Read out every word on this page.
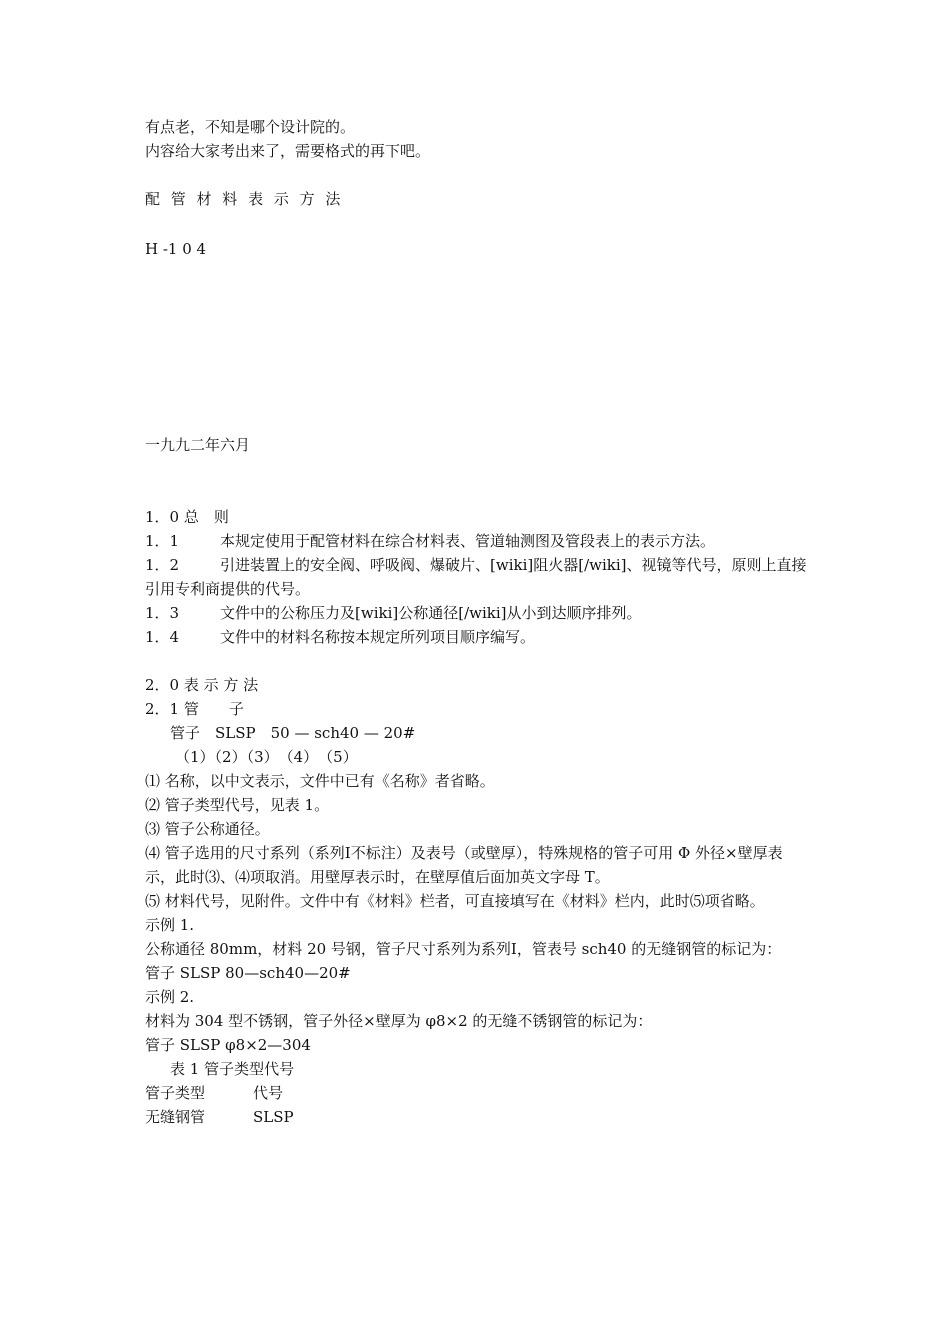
有点老，不知是哪个设计院的。

内容给大家考出来了，需要格式的再下吧。

配 管 材 料 表 示 方 法

H -1 0 4

一九九二年六月

1．0 总　则

1．1	本规定使用于配管材料在综合材料表、管道轴测图及管段表上的表示方法。

1．2	引进装置上的安全阀、呼吸阀、爆破片、[wiki]阻火器[/wiki]、视镜等代号，原则上直接引用专利商提供的代号。

1．3	文件中的公称压力及[wiki]公称通径[/wiki]从小到达顺序排列。

1．4	文件中的材料名称按本规定所列项目顺序编写。

2．0 表 示 方 法

2．1 管　　子

管子　SLSP　50 — sch40 — 20#

（1）（2）（3）　（4）　（5）

⑴ 名称，以中文表示，文件中已有《名称》者省略。

⑵ 管子类型代号，见表 1。

⑶ 管子公称通径。

⑷ 管子选用的尺寸系列（系列Ⅰ不标注）及表号（或壁厚），特殊规格的管子可用 Φ 外径×壁厚表示，此时⑶、⑷项取消。用壁厚表示时，在壁厚值后面加英文字母 T。

⑸ 材料代号，见附件。文件中有《材料》栏者，可直接填写在《材料》栏内，此时⑸项省略。

示例 1.

公称通径 80mm，材料 20 号钢，管子尺寸系列为系列Ⅰ，管表号 sch40 的无缝钢管的标记为：

管子 SLSP 80—sch40—20#

示例 2.

材料为 304 型不锈钢，管子外径×壁厚为 φ8×2 的无缝不锈钢管的标记为：

管子 SLSP φ8×2—304

表 1 管子类型代号

管子类型	代号

无缝钢管	SLSP
